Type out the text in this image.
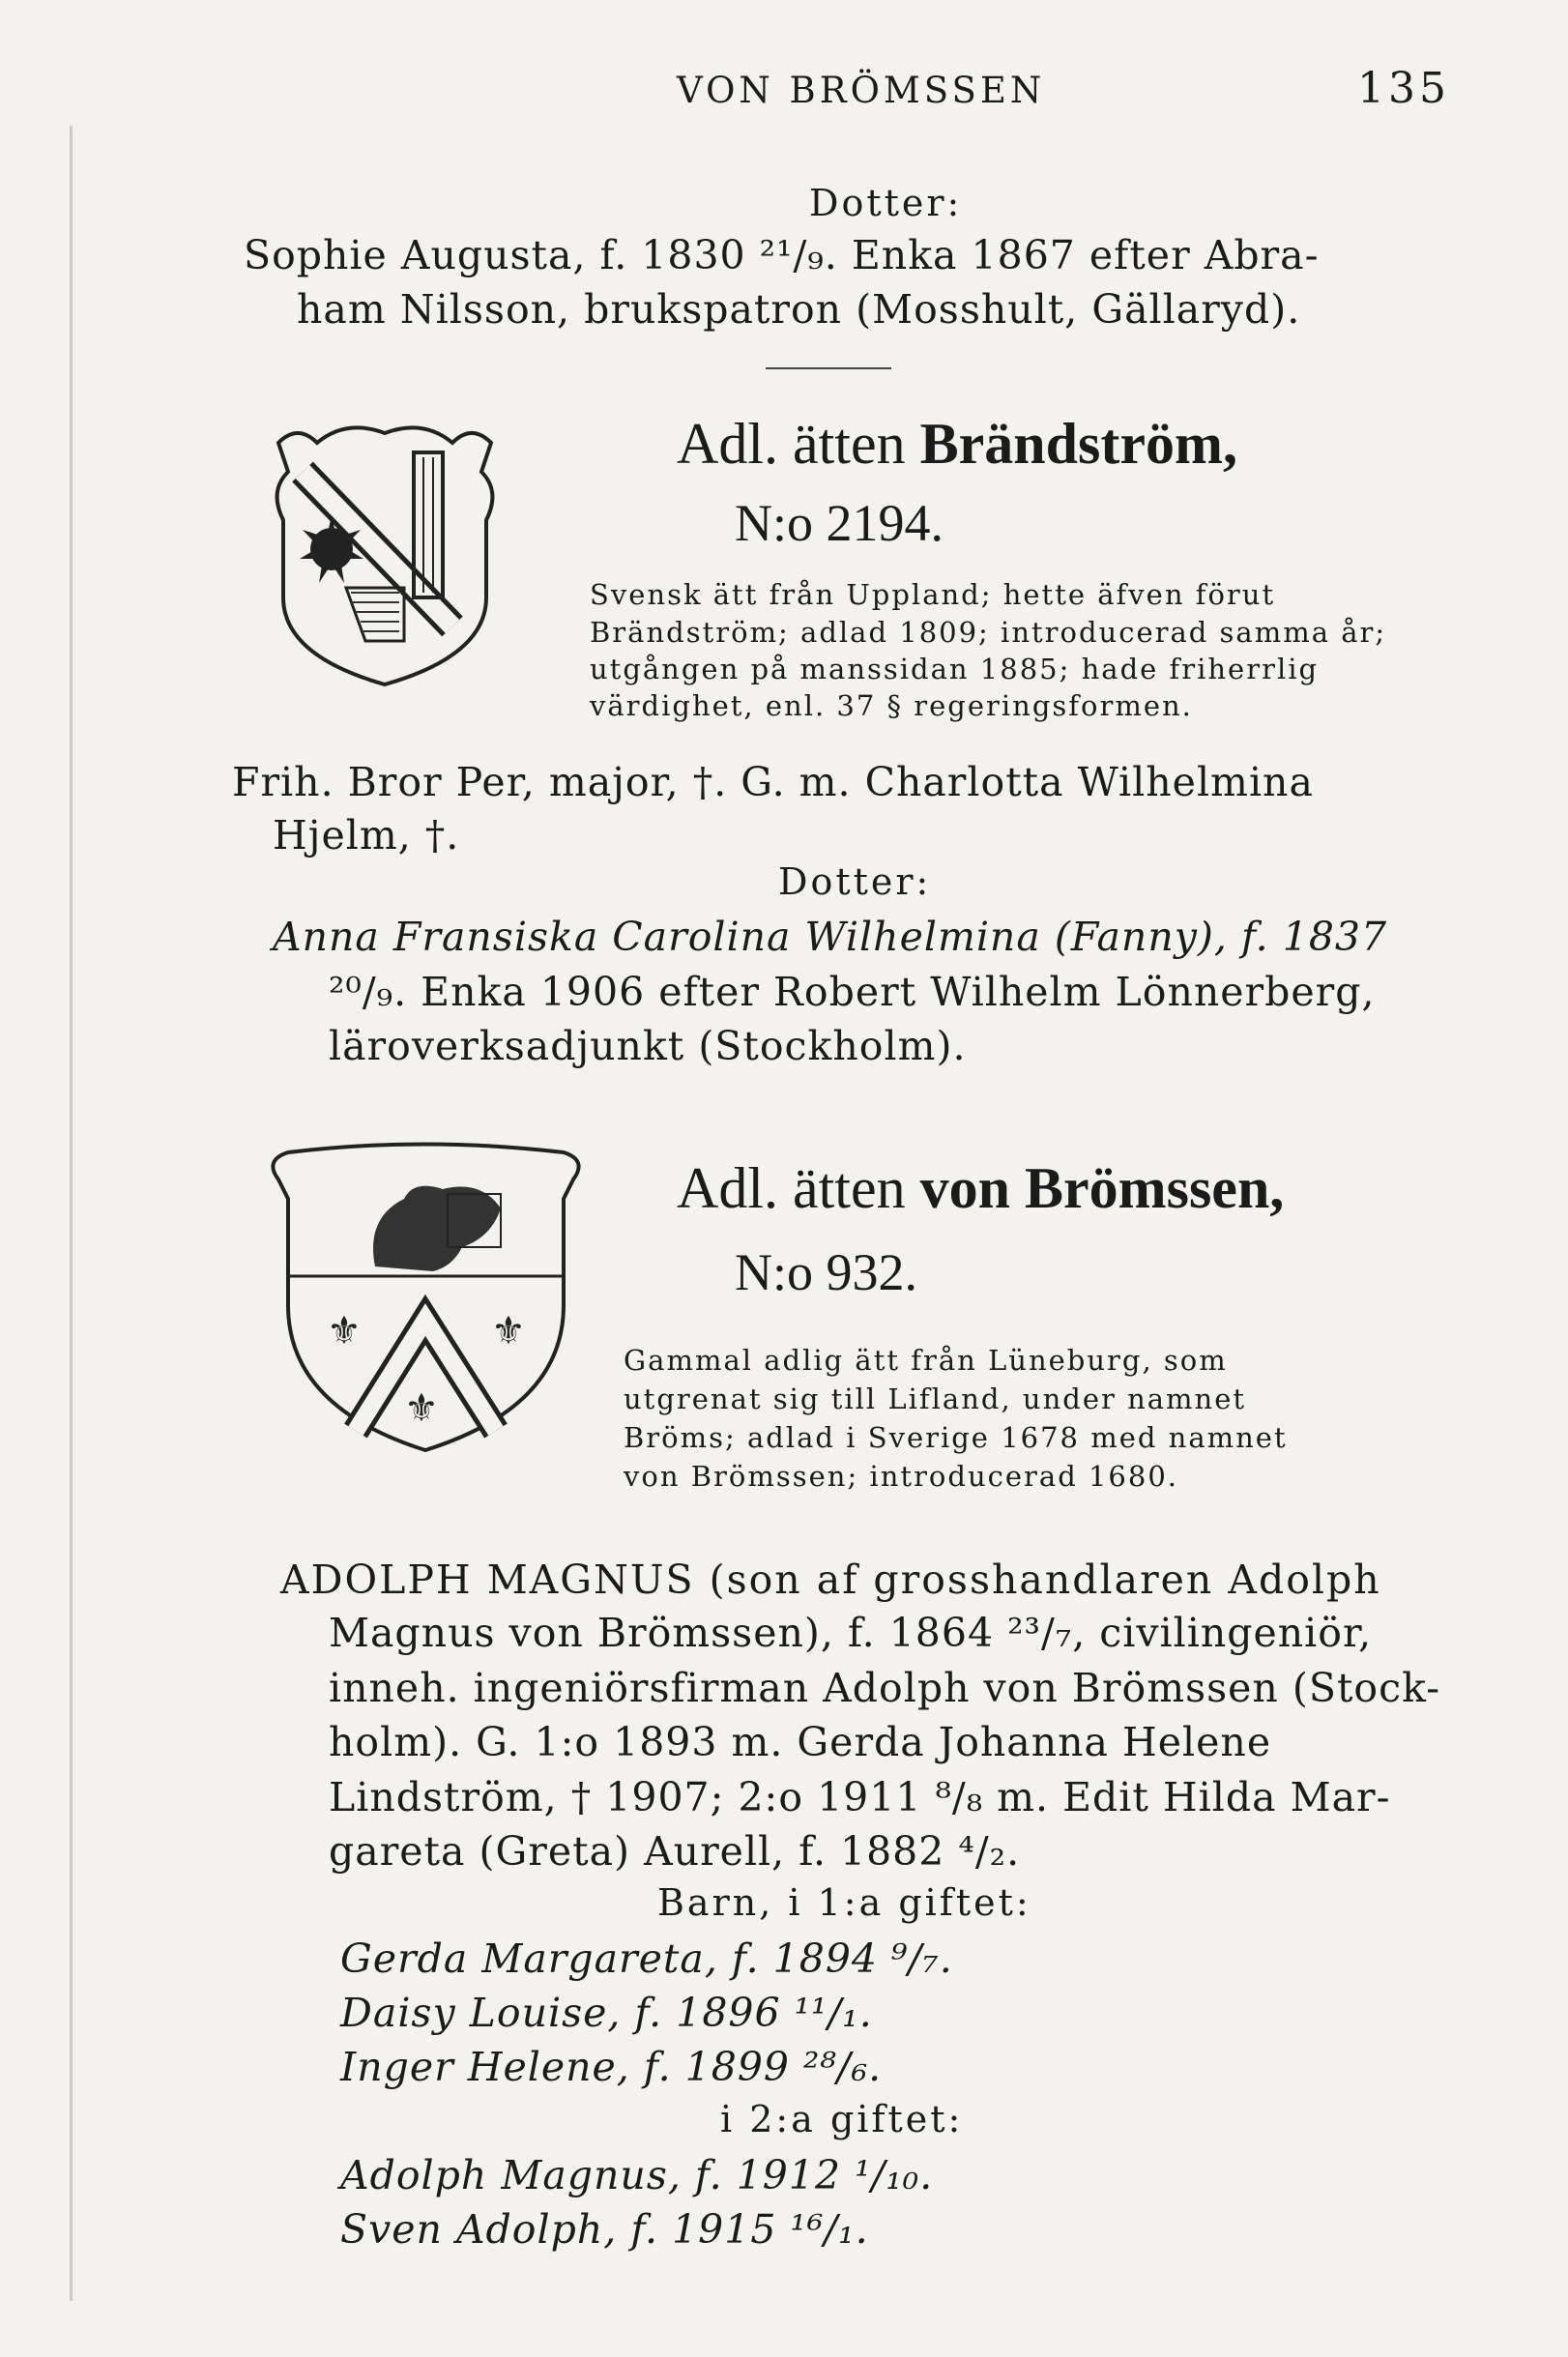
VON BRÖMSSEN	135
Dotter:
Sophie Augusta, f. 1830 ²¹/₉. Enka 1867 efter Abra-
ham Nilsson, brukspatron (Mosshult, Gällaryd).
Adl. ätten Brändström,
N:o 2194.
Svensk ätt från Uppland; hette äfven förut
Brändström; adlad 1809; introducerad samma år;
utgången på manssidan 1885; hade friherrlig
värdighet, enl. 37 § regeringsformen.
Frih. Bror Per, major, †. G. m. Charlotta Wilhelmina
Hjelm, †.
Dotter:
Anna Fransiska Carolina Wilhelmina (Fanny), f. 1837
²⁰/₉. Enka 1906 efter Robert Wilhelm Lönnerberg,
läroverksadjunkt (Stockholm).
⚜	⚜
⚜
Adl. ätten von Brömssen,
N:o 932.
Gammal adlig ätt från Lüneburg, som
utgrenat sig till Lifland, under namnet
Bröms; adlad i Sverige 1678 med namnet
von Brömssen; introducerad 1680.
ADOLPH MAGNUS (son af grosshandlaren Adolph
Magnus von Brömssen), f. 1864 ²³/₇, civilingeniör,
inneh. ingeniörsfirman Adolph von Brömssen (Stock-
holm). G. 1:o 1893 m. Gerda Johanna Helene
Lindström, † 1907; 2:o 1911 ⁸/₈ m. Edit Hilda Mar-
gareta (Greta) Aurell, f. 1882 ⁴/₂.
Barn, i 1:a giftet:
Gerda Margareta, f. 1894 ⁹/₇.
Daisy Louise, f. 1896 ¹¹/₁.
Inger Helene, f. 1899 ²⁸/₆.
i 2:a giftet:
Adolph Magnus, f. 1912 ¹/₁₀.
Sven Adolph, f. 1915 ¹⁶/₁.
